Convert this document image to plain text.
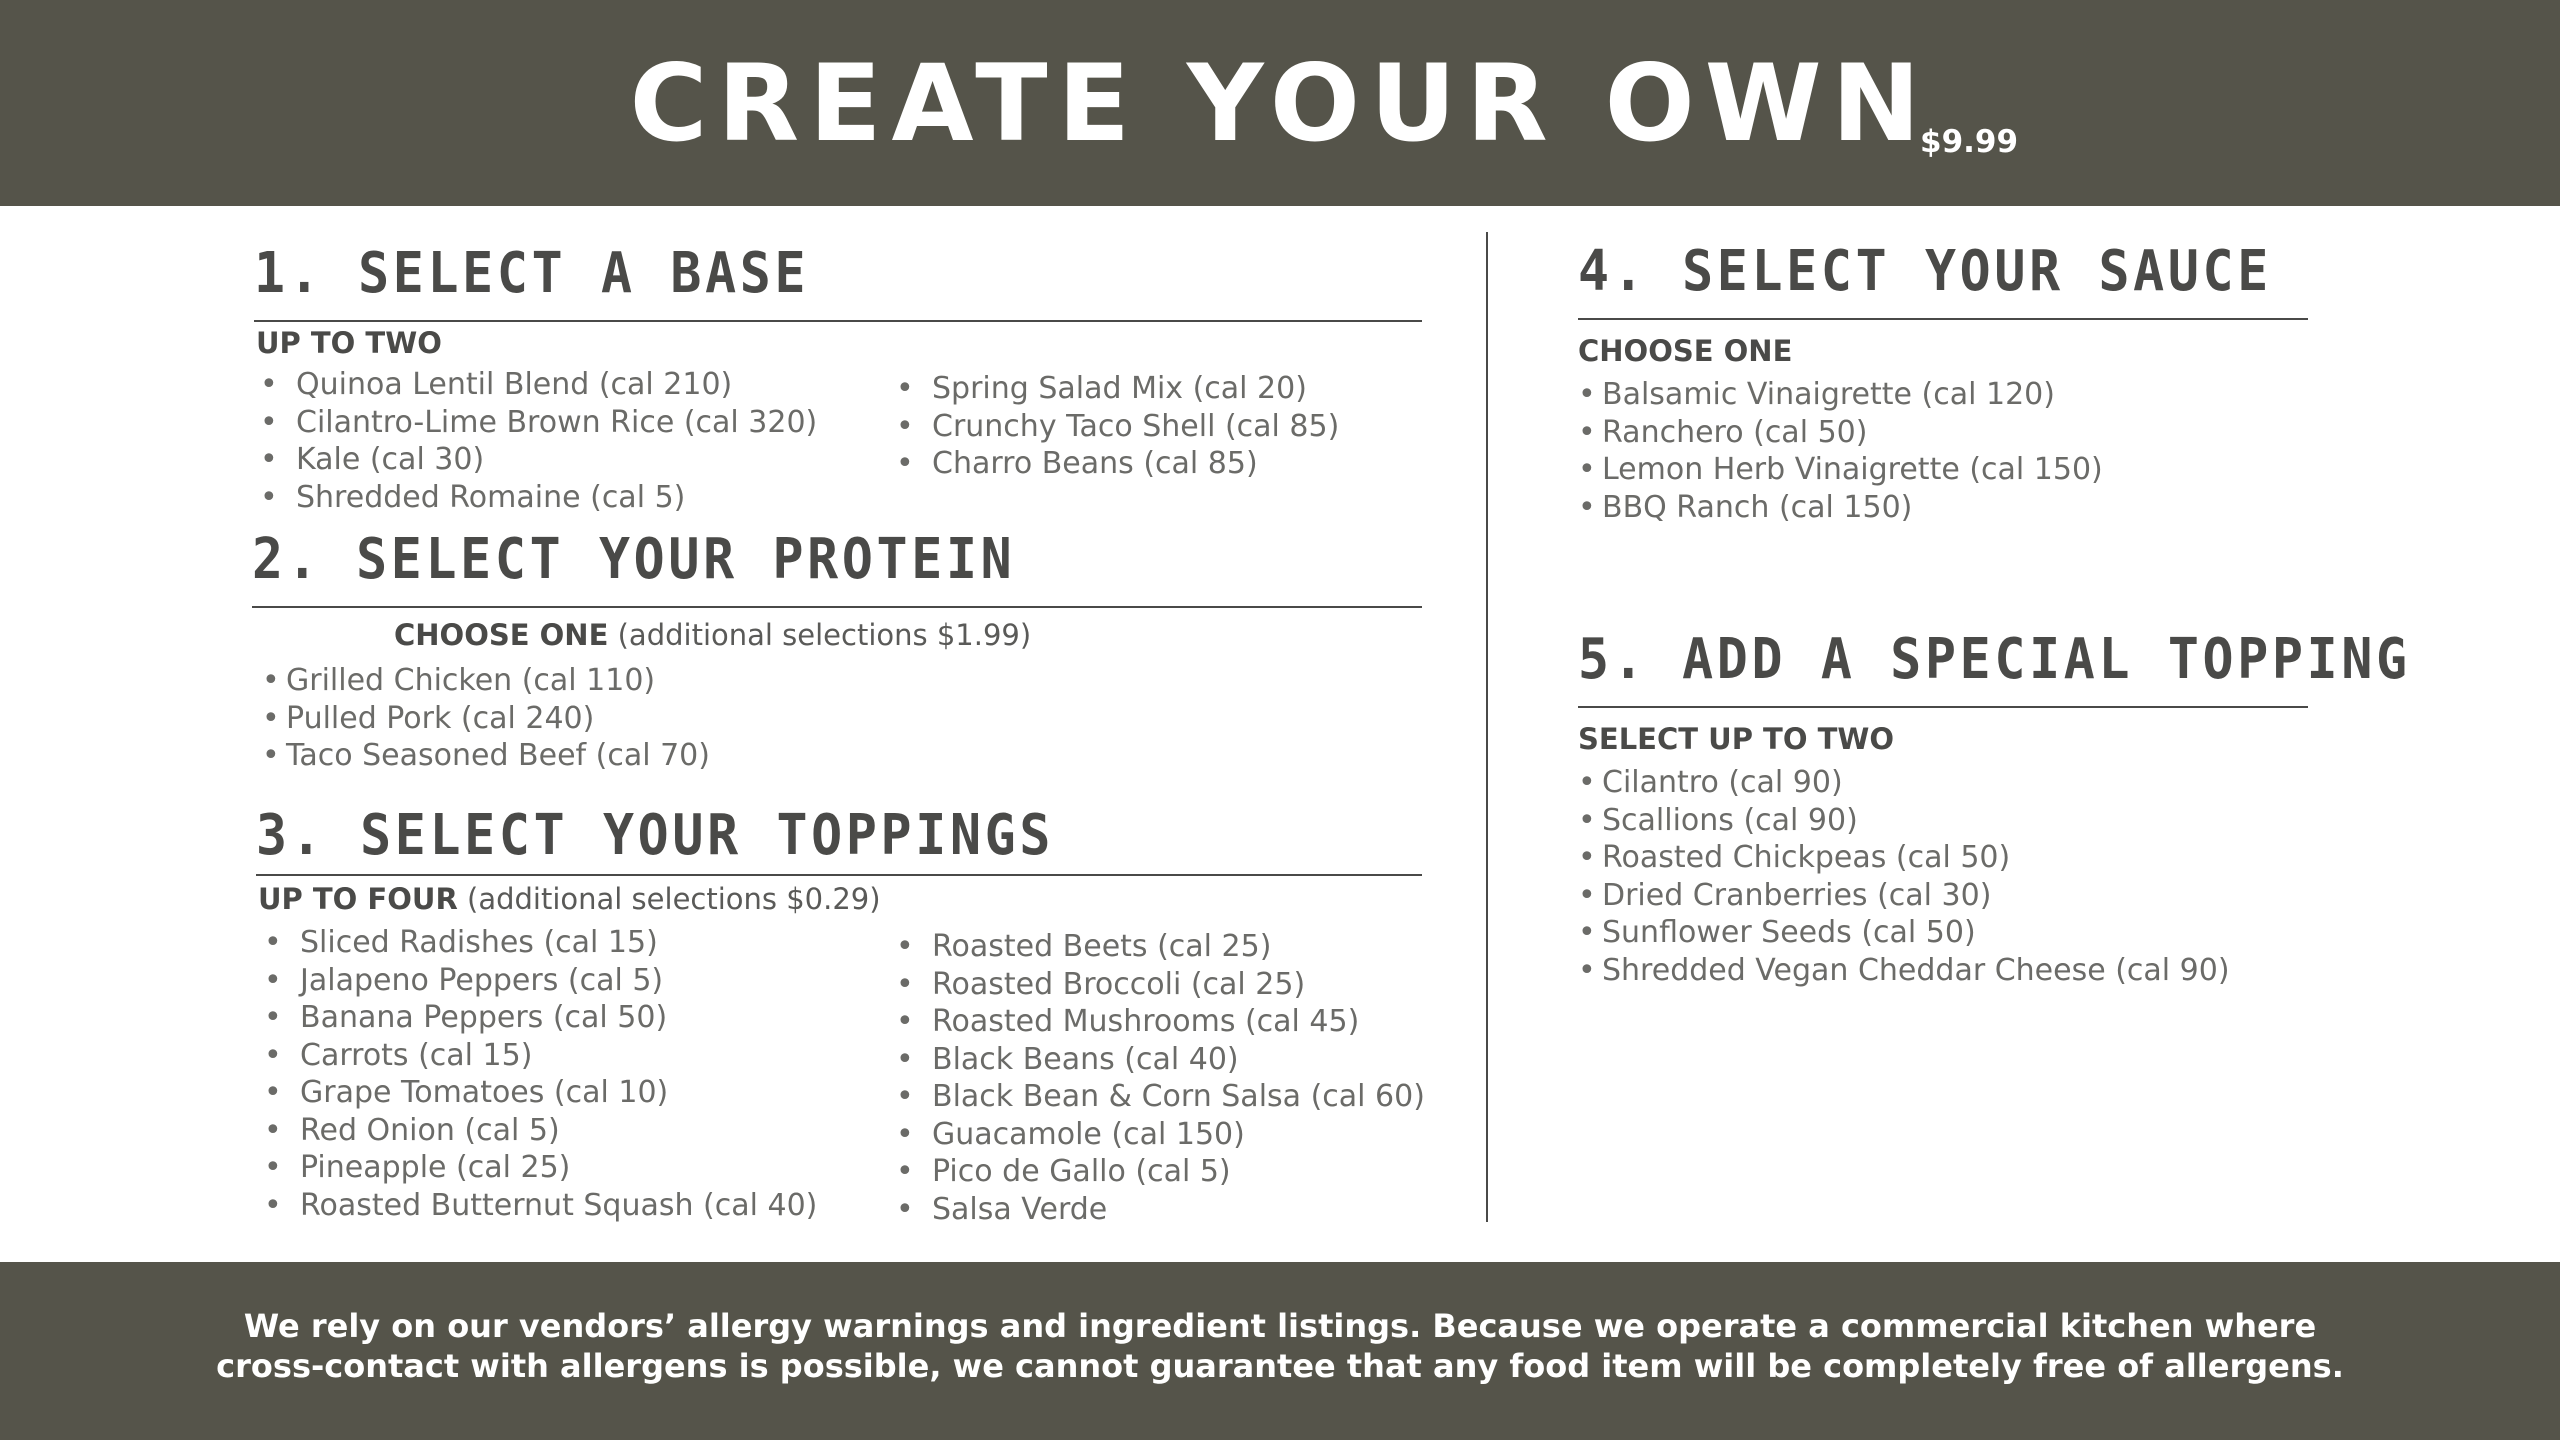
CREATE YOUR OWN
$9.99
1. SELECT A BASE
UP TO TWO
• Quinoa Lentil Blend (cal 210)
• Cilantro-Lime Brown Rice (cal 320)
• Kale (cal 30)
• Shredded Romaine (cal 5)
• Spring Salad Mix (cal 20)
• Crunchy Taco Shell (cal 85)
• Charro Beans (cal 85)
2. SELECT YOUR PROTEIN
CHOOSE ONE (additional selections $1.99)
• Grilled Chicken (cal 110)
• Pulled Pork (cal 240)
• Taco Seasoned Beef (cal 70)
3. SELECT YOUR TOPPINGS
UP TO FOUR (additional selections $0.29)
• Sliced Radishes (cal 15)
• Jalapeno Peppers (cal 5)
• Banana Peppers (cal 50)
• Carrots (cal 15)
• Grape Tomatoes (cal 10)
• Red Onion (cal 5)
• Pineapple (cal 25)
• Roasted Butternut Squash (cal 40)
• Roasted Beets (cal 25)
• Roasted Broccoli (cal 25)
• Roasted Mushrooms (cal 45)
• Black Beans (cal 40)
• Black Bean & Corn Salsa (cal 60)
• Guacamole (cal 150)
• Pico de Gallo (cal 5)
• Salsa Verde
4. SELECT YOUR SAUCE
CHOOSE ONE
• Balsamic Vinaigrette (cal 120)
• Ranchero (cal 50)
• Lemon Herb Vinaigrette (cal 150)
• BBQ Ranch (cal 150)
5. ADD A SPECIAL TOPPING
SELECT UP TO TWO
• Cilantro (cal 90)
• Scallions (cal 90)
• Roasted Chickpeas (cal 50)
• Dried Cranberries (cal 30)
• Sunflower Seeds (cal 50)
• Shredded Vegan Cheddar Cheese (cal 90)
We rely on our vendors’ allergy warnings and ingredient listings. Because we operate a commercial kitchen where
cross-contact with allergens is possible, we cannot guarantee that any food item will be completely free of allergens.
